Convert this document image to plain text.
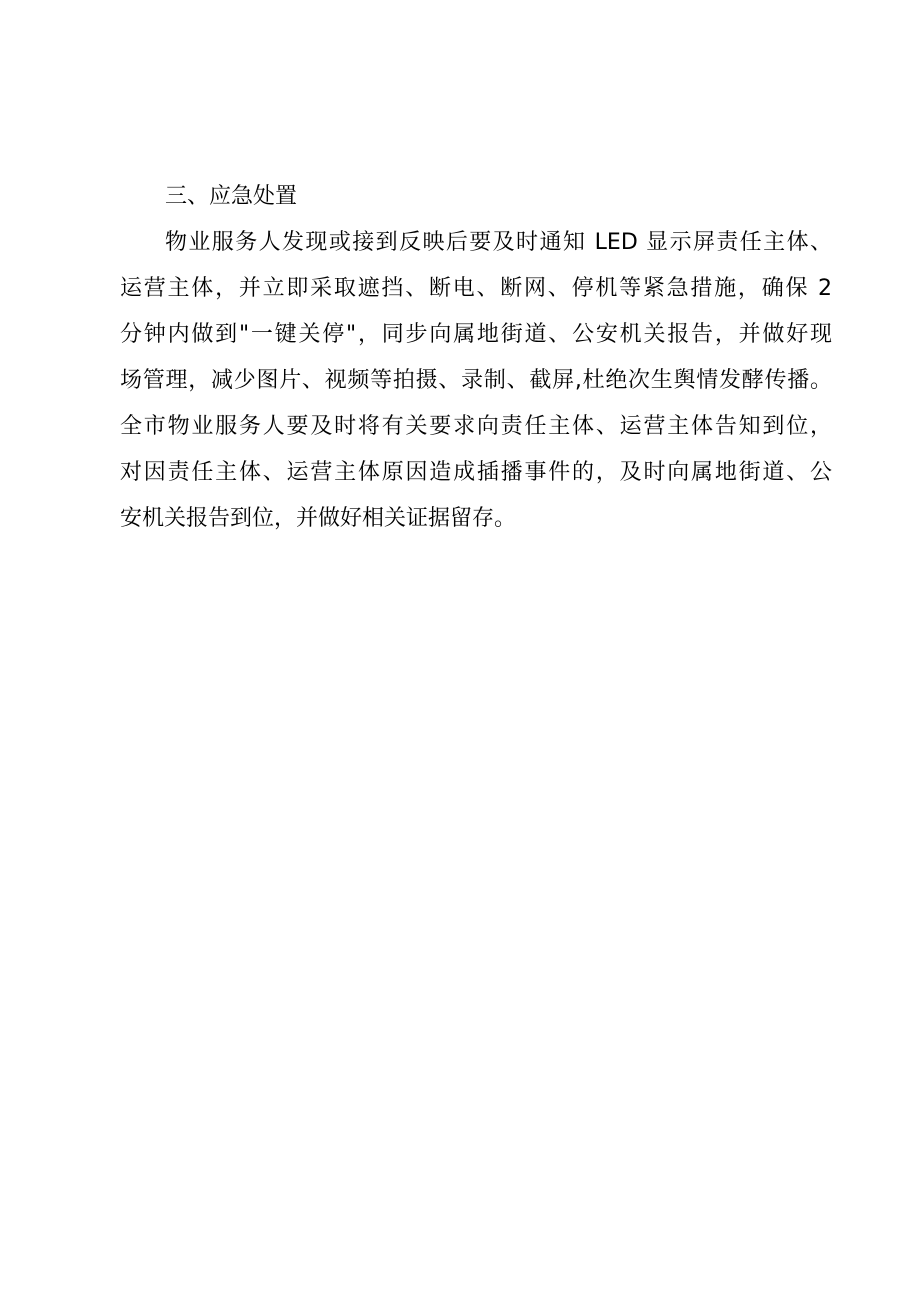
三、应急处置

物业服务人发现或接到反映后要及时通知 LED 显示屏责任主体、
运营主体，并立即采取遮挡、断电、断网、停机等紧急措施，确保 2
分钟内做到"一键关停"，同步向属地街道、公安机关报告，并做好现
场管理，减少图片、视频等拍摄、录制、截屏,杜绝次生舆情发酵传播。
全市物业服务人要及时将有关要求向责任主体、运营主体告知到位，
对因责任主体、运营主体原因造成插播事件的，及时向属地街道、公
安机关报告到位，并做好相关证据留存。
